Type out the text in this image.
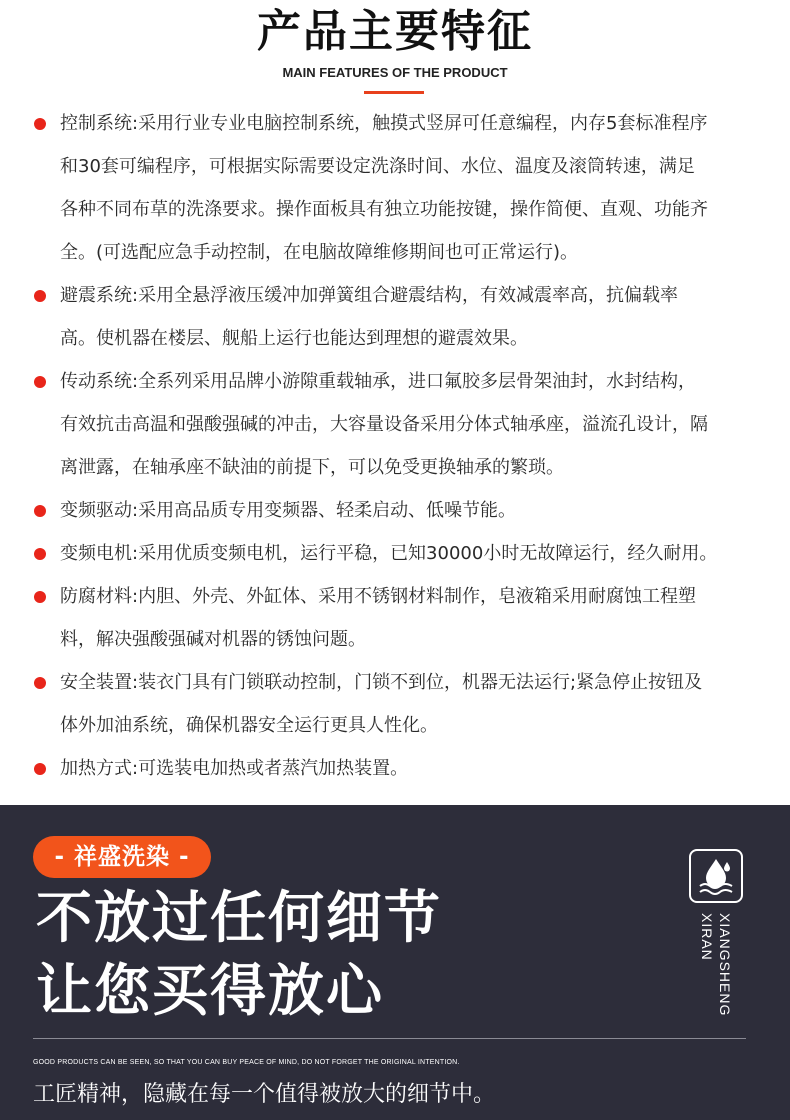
产品主要特征
MAIN FEATURES OF THE PRODUCT
控制系统:采用行业专业电脑控制系统，触摸式竖屏可任意编程，内存5套标准程序
和30套可编程序，可根据实际需要设定洗涤时间、水位、温度及滚筒转速，满足
各种不同布草的洗涤要求。操作面板具有独立功能按键，操作简便、直观、功能齐
全。(可选配应急手动控制，在电脑故障维修期间也可正常运行)。
避震系统:采用全悬浮液压缓冲加弹簧组合避震结构，有效减震率高，抗偏载率
高。使机器在楼层、舰船上运行也能达到理想的避震效果。
传动系统:全系列采用品牌小游隙重载轴承，进口氟胶多层骨架油封，水封结构，
有效抗击高温和强酸强碱的冲击，大容量设备采用分体式轴承座，溢流孔设计，隔
离泄露，在轴承座不缺油的前提下，可以免受更换轴承的繁琐。
变频驱动:采用高品质专用变频器、轻柔启动、低噪节能。
变频电机:采用优质变频电机，运行平稳，已知30000小时无故障运行，经久耐用。
防腐材料:内胆、外壳、外缸体、采用不锈钢材料制作，皂液箱采用耐腐蚀工程塑
料，解决强酸强碱对机器的锈蚀问题。
安全装置:装衣门具有门锁联动控制，门锁不到位，机器无法运行;紧急停止按钮及
体外加油系统，确保机器安全运行更具人性化。
加热方式:可选装电加热或者蒸汽加热装置。
- 祥盛洗染 -
不放过任何细节
让您买得放心
XIRAN XIANGSHENG
GOOD PRODUCTS CAN BE SEEN, SO THAT YOU CAN BUY PEACE OF MIND, DO NOT FORGET THE ORIGINAL INTENTION.
工匠精神，隐藏在每一个值得被放大的细节中。
